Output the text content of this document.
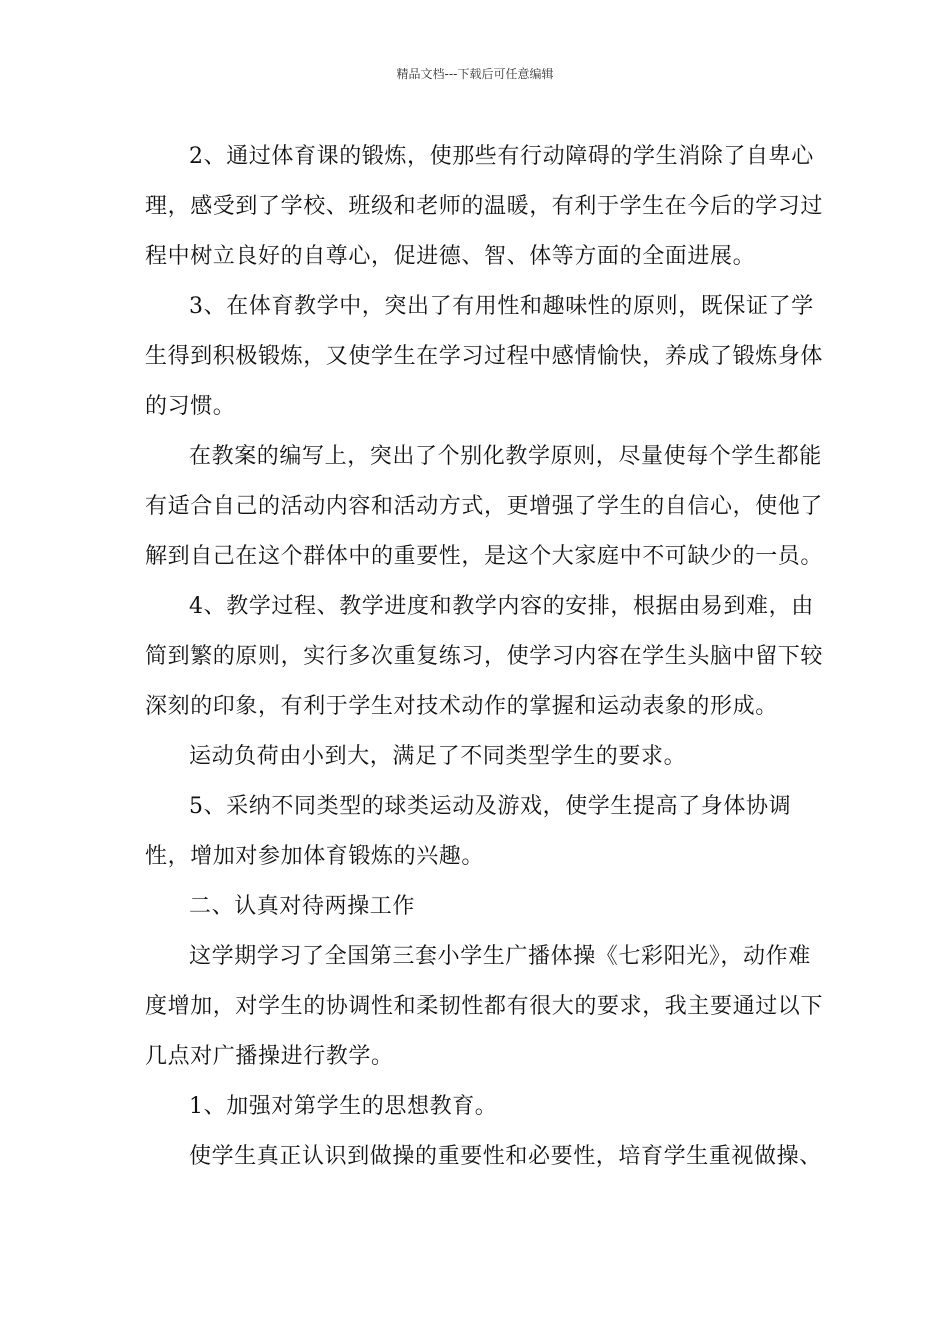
精品文档---下载后可任意编辑

2、通过体育课的锻炼，使那些有行动障碍的学生消除了自卑心理，感受到了学校、班级和老师的温暖，有利于学生在今后的学习过程中树立良好的自尊心，促进德、智、体等方面的全面进展。

3、在体育教学中，突出了有用性和趣味性的原则，既保证了学生得到积极锻炼，又使学生在学习过程中感情愉快，养成了锻炼身体的习惯。

在教案的编写上，突出了个别化教学原则，尽量使每个学生都能有适合自己的活动内容和活动方式，更增强了学生的自信心，使他了解到自己在这个群体中的重要性，是这个大家庭中不可缺少的一员。

4、教学过程、教学进度和教学内容的安排，根据由易到难，由简到繁的原则，实行多次重复练习，使学习内容在学生头脑中留下较深刻的印象，有利于学生对技术动作的掌握和运动表象的形成。

运动负荷由小到大，满足了不同类型学生的要求。

5、采纳不同类型的球类运动及游戏，使学生提高了身体协调性，增加对参加体育锻炼的兴趣。

二、认真对待两操工作

这学期学习了全国第三套小学生广播体操《七彩阳光》，动作难度增加，对学生的协调性和柔韧性都有很大的要求，我主要通过以下几点对广播操进行教学。

1、加强对第学生的思想教育。

使学生真正认识到做操的重要性和必要性，培育学生重视做操、
